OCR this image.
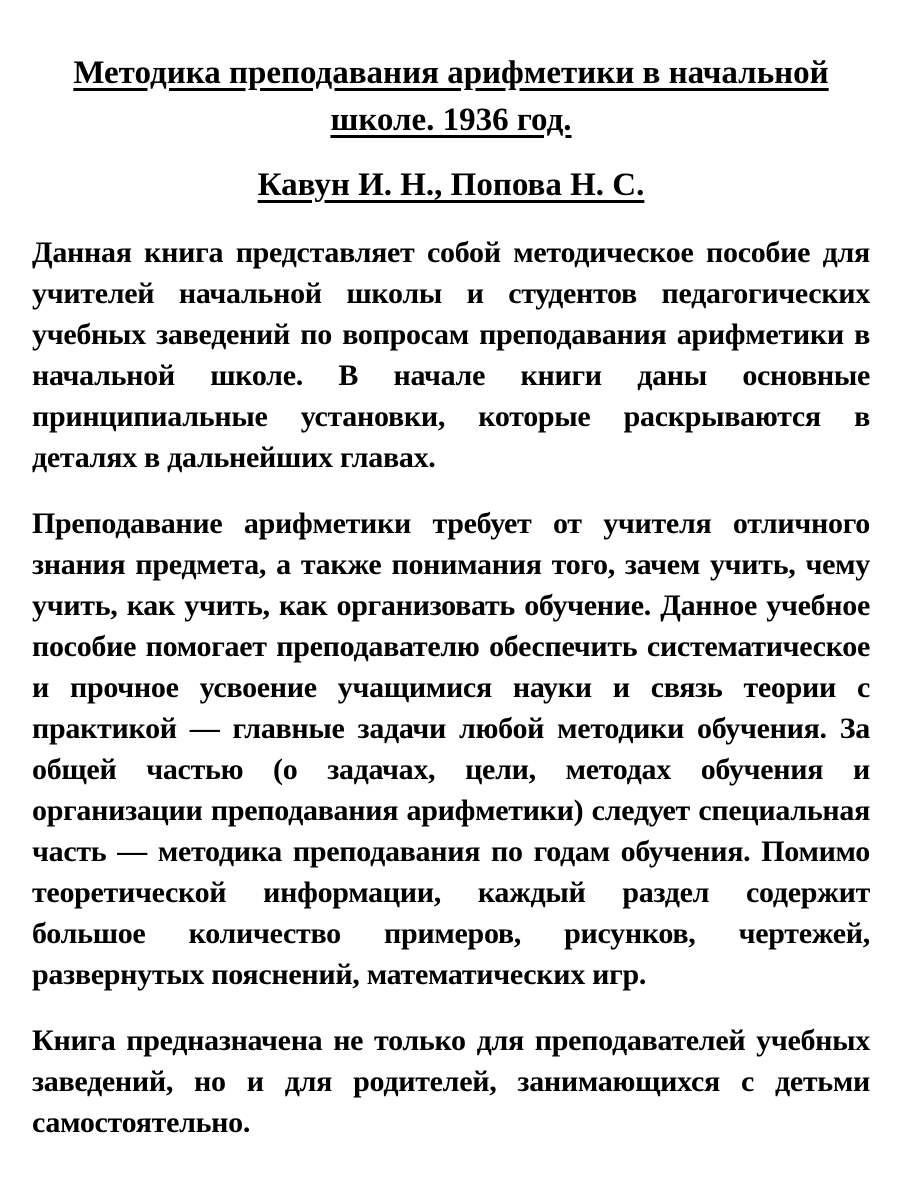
Методика преподавания арифметики в начальной школе. 1936 год.
Кавун И. Н., Попова Н. С.

Данная книга представляет собой методическое пособие для учителей начальной школы и студентов педагогических учебных заведений по вопросам преподавания арифметики в начальной школе. В начале книги даны основные принципиальные установки, которые раскрываются в деталях в дальнейших главах.

Преподавание арифметики требует от учителя отличного знания предмета, а также понимания того, зачем учить, чему учить, как учить, как организовать обучение. Данное учебное пособие помогает преподавателю обеспечить систематическое и прочное усвоение учащимися науки и связь теории с практикой — главные задачи любой методики обучения. За общей частью (о задачах, цели, методах обучения и организации преподавания арифметики) следует специальная часть — методика преподавания по годам обучения. Помимо теоретической информации, каждый раздел содержит большое количество примеров, рисунков, чертежей, развернутых пояснений, математических игр.

Книга предназначена не только для преподавателей учебных заведений, но и для родителей, занимающихся с детьми самостоятельно.
